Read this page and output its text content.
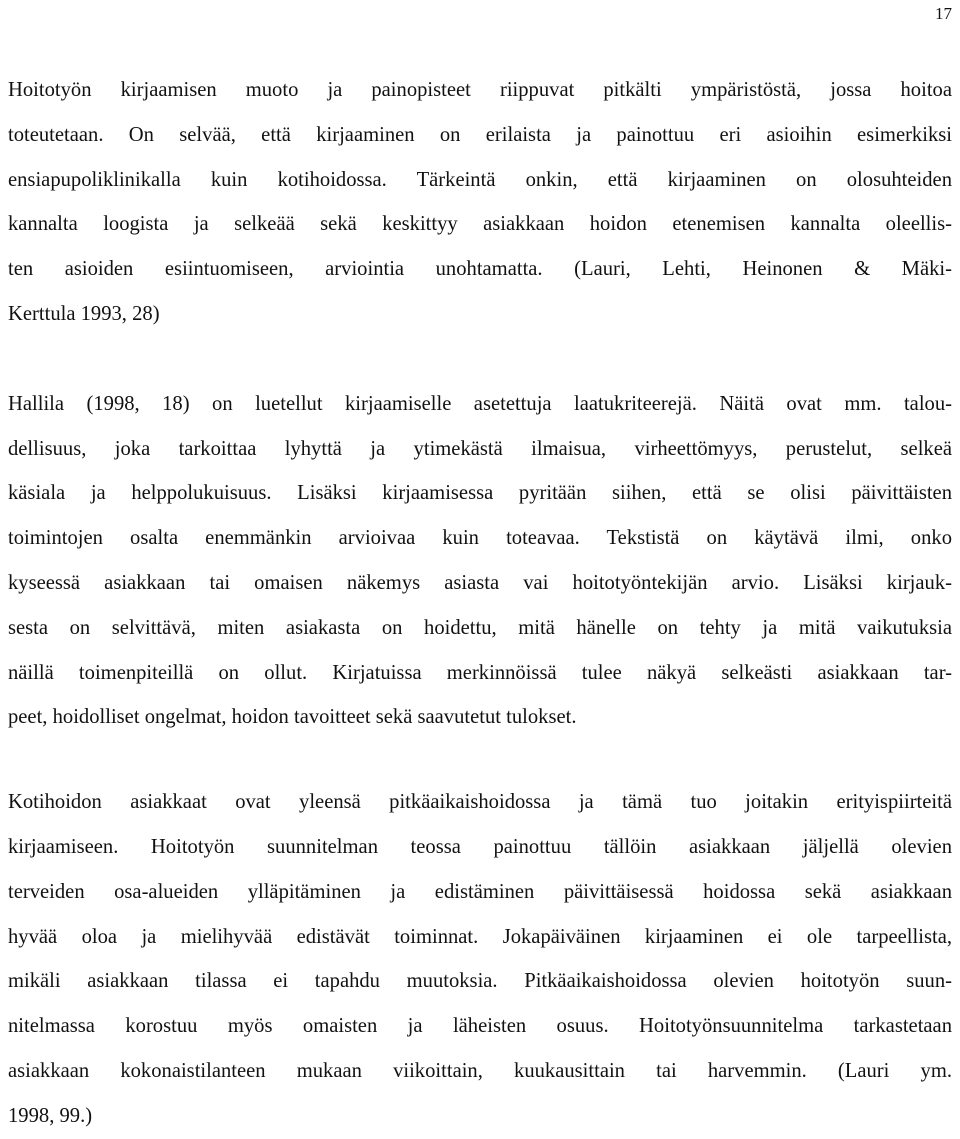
17
Hoitotyön kirjaamisen muoto ja painopisteet riippuvat pitkälti ympäristöstä, jossa hoitoa
toteutetaan. On selvää, että kirjaaminen on erilaista ja painottuu eri asioihin esimerkiksi
ensiapupoliklinikalla kuin kotihoidossa. Tärkeintä onkin, että kirjaaminen on olosuhteiden
kannalta loogista ja selkeää sekä keskittyy asiakkaan hoidon etenemisen kannalta oleellis-
ten asioiden esiintuomiseen, arviointia unohtamatta. (Lauri, Lehti, Heinonen & Mäki-
Kerttula 1993, 28)
Hallila (1998, 18) on luetellut kirjaamiselle asetettuja laatukriteerejä. Näitä ovat mm. talou-
dellisuus, joka tarkoittaa lyhyttä ja ytimekästä ilmaisua, virheettömyys, perustelut, selkeä
käsiala ja helppolukuisuus. Lisäksi kirjaamisessa pyritään siihen, että se olisi päivittäisten
toimintojen osalta enemmänkin arvioivaa kuin toteavaa. Tekstistä on käytävä ilmi, onko
kyseessä asiakkaan tai omaisen näkemys asiasta vai hoitotyöntekijän arvio. Lisäksi kirjauk-
sesta on selvittävä, miten asiakasta on hoidettu, mitä hänelle on tehty ja mitä vaikutuksia
näillä toimenpiteillä on ollut. Kirjatuissa merkinnöissä tulee näkyä selkeästi asiakkaan tar-
peet, hoidolliset ongelmat, hoidon tavoitteet sekä saavutetut tulokset.
Kotihoidon asiakkaat ovat yleensä pitkäaikaishoidossa ja tämä tuo joitakin erityispiirteitä
kirjaamiseen. Hoitotyön suunnitelman teossa painottuu tällöin asiakkaan jäljellä olevien
terveiden osa-alueiden ylläpitäminen ja edistäminen päivittäisessä hoidossa sekä asiakkaan
hyvää oloa ja mielihyvää edistävät toiminnat. Jokapäiväinen kirjaaminen ei ole tarpeellista,
mikäli asiakkaan tilassa ei tapahdu muutoksia. Pitkäaikaishoidossa olevien hoitotyön suun-
nitelmassa korostuu myös omaisten ja läheisten osuus. Hoitotyönsuunnitelma tarkastetaan
asiakkaan kokonaistilanteen mukaan viikoittain, kuukausittain tai harvemmin. (Lauri ym.
1998, 99.)
